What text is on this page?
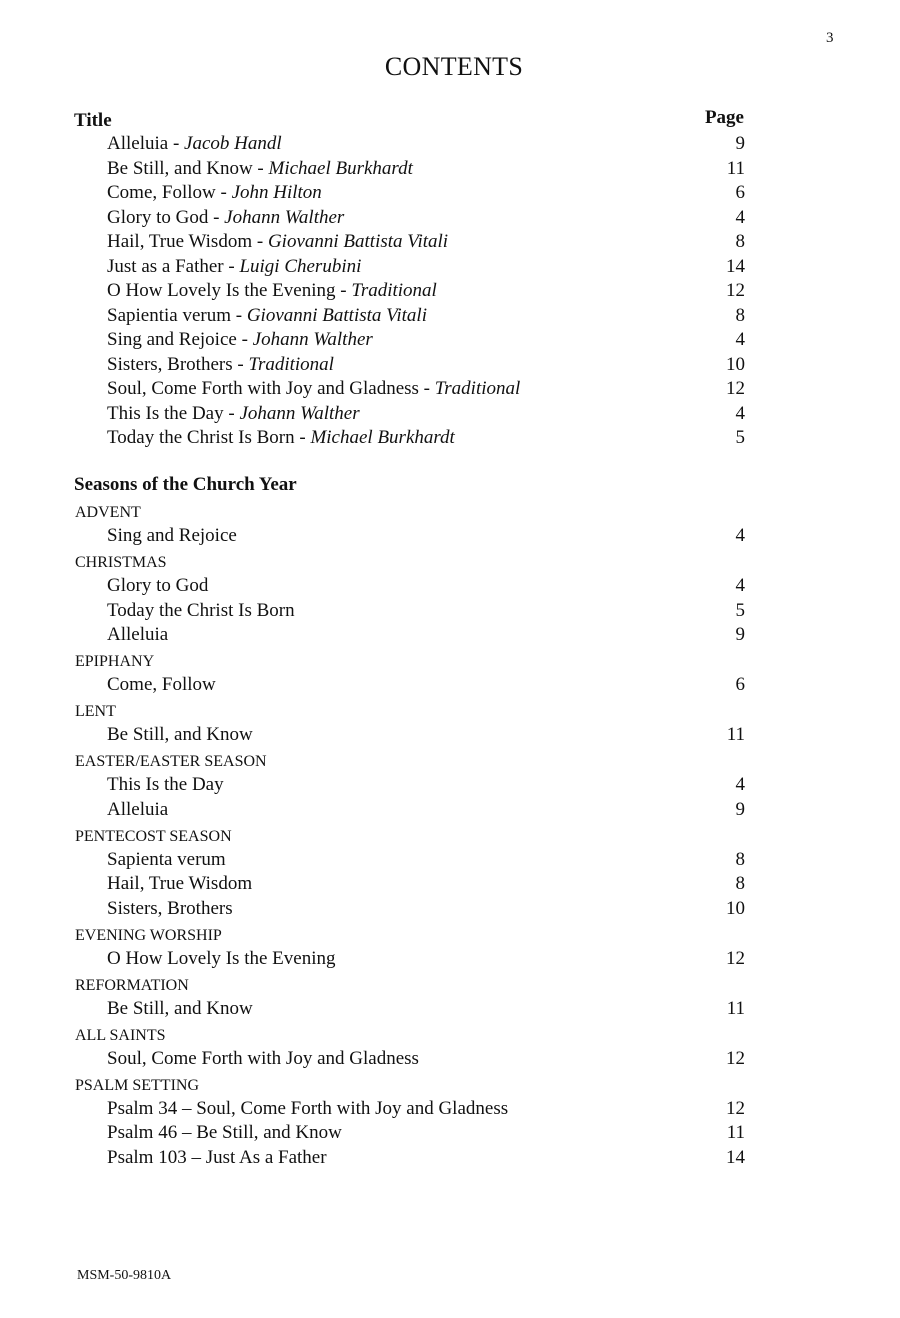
3
CONTENTS
Title	Page
Alleluia - Jacob Handl	9
Be Still, and Know - Michael Burkhardt	11
Come, Follow - John Hilton	6
Glory to God - Johann Walther	4
Hail, True Wisdom - Giovanni Battista Vitali	8
Just as a Father - Luigi Cherubini	14
O How Lovely Is the Evening - Traditional	12
Sapientia verum - Giovanni Battista Vitali	8
Sing and Rejoice - Johann Walther	4
Sisters, Brothers - Traditional	10
Soul, Come Forth with Joy and Gladness - Traditional	12
This Is the Day - Johann Walther	4
Today the Christ Is Born - Michael Burkhardt	5
Seasons of the Church Year
ADVENT
Sing and Rejoice	4
CHRISTMAS
Glory to God	4
Today the Christ Is Born	5
Alleluia	9
EPIPHANY
Come, Follow	6
LENT
Be Still, and Know	11
EASTER/EASTER SEASON
This Is the Day	4
Alleluia	9
PENTECOST SEASON
Sapienta verum	8
Hail, True Wisdom	8
Sisters, Brothers	10
EVENING WORSHIP
O How Lovely Is the Evening	12
REFORMATION
Be Still, and Know	11
ALL SAINTS
Soul, Come Forth with Joy and Gladness	12
PSALM SETTING
Psalm 34 – Soul, Come Forth with Joy and Gladness	12
Psalm 46 – Be Still, and Know	11
Psalm 103 – Just As a Father	14
MSM-50-9810A
